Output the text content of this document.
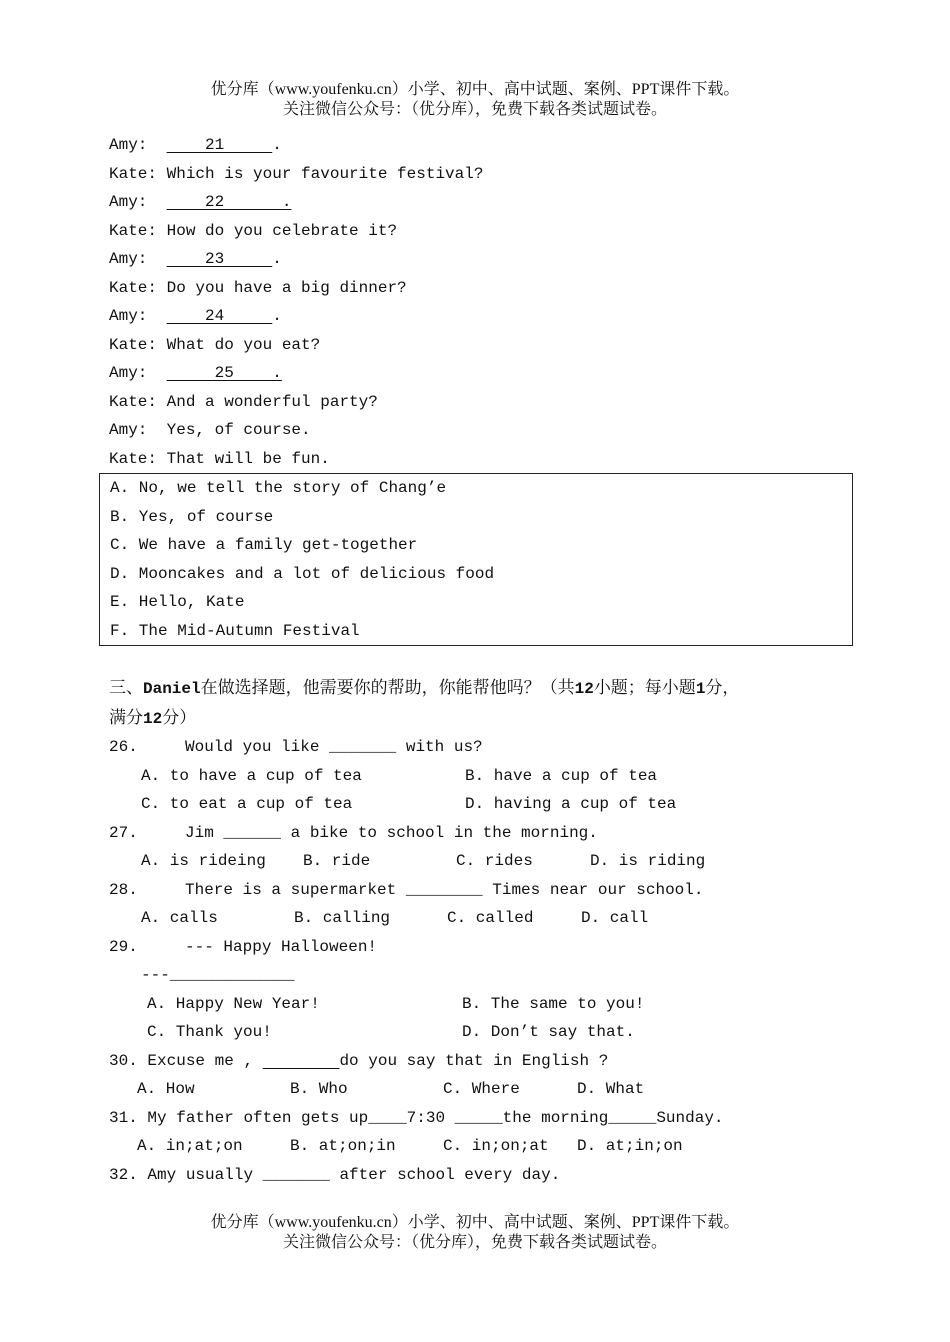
优分库（www.youfenku.cn）小学、初中、高中试题、案例、PPT课件下载。
关注微信公众号：（优分库），免费下载各类试题试卷。
Amy:      21     .
Kate: Which is your favourite festival?
Amy:      22      .
Kate: How do you celebrate it?
Amy:      23     .
Kate: Do you have a big dinner?
Amy:      24     .
Kate: What do you eat?
Amy:       25    .
Kate: And a wonderful party?
Amy:  Yes, of course.
Kate: That will be fun.
A. No, we tell the story of Chang’e
B. Yes, of course
C. We have a family get-together
D. Mooncakes and a lot of delicious food
E. Hello, Kate
F. The Mid-Autumn Festival
三、Daniel在做选择题，他需要你的帮助，你能帮他吗？（共12小题；每小题1分，
满分12分）
26.	Would you like _______ with us?
A. to have a cup of tea	B. have a cup of tea
C. to eat a cup of tea	D. having a cup of tea
27.	Jim ______ a bike to school in the morning.
A. is rideing	B. ride	C. rides	D. is riding
28.	There is a supermarket ________ Times near our school.
A. calls	B. calling	C. called	D. call
29.	--- Happy Halloween!
---_____________
A. Happy New Year!	B. The same to you!
C. Thank you!	D. Don’t say that.
30. Excuse me ,	do you say that in English ?
A. How	B. Who	C. Where	D. What
31. My father often gets up____7:30 _____the morning_____Sunday.
A. in;at;on	B. at;on;in	C. in;on;at	D. at;in;on
32. Amy usually _______ after school every day.
优分库（www.youfenku.cn）小学、初中、高中试题、案例、PPT课件下载。
关注微信公众号：（优分库），免费下载各类试题试卷。
